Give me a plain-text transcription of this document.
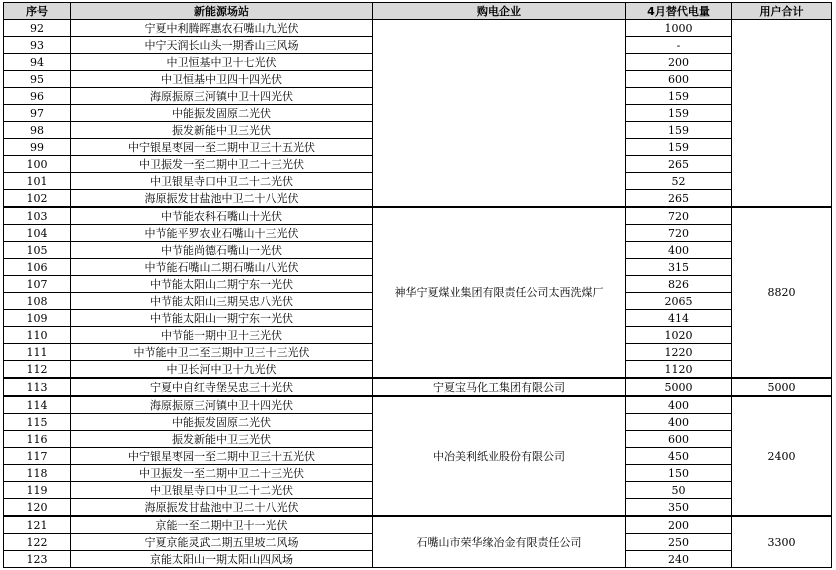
序号	新能源场站	购电企业	4月替代电量	用户合计
92	宁夏中利腾晖惠农石嘴山九光伏		1000	
93	中宁天润长山头一期香山三风场		-	
94	中卫恒基中卫十七光伏		200	
95	中卫恒基中卫四十四光伏		600	
96	海原振原三河镇中卫十四光伏		159	
97	中能振发固原二光伏		159	
98	振发新能中卫三光伏		159	
99	中宁银星枣园一至二期中卫三十五光伏		159	
100	中卫振发一至二期中卫二十三光伏		265	
101	中卫银星寺口中卫二十二光伏		52	
102	海原振发甘盐池中卫二十八光伏		265	
103	中节能农科石嘴山十光伏	神华宁夏煤业集团有限责任公司太西洗煤厂	720	8820
104	中节能平罗农业石嘴山十三光伏		720	
105	中节能尚德石嘴山一光伏		400	
106	中节能石嘴山二期石嘴山八光伏		315	
107	中节能太阳山二期宁东一光伏		826	
108	中节能太阳山三期吴忠八光伏		2065	
109	中节能太阳山一期宁东一光伏		414	
110	中节能一期中卫十三光伏		1020	
111	中节能中卫二至三期中卫三十三光伏		1220	
112	中卫长河中卫十九光伏		1120	
113	宁夏中自红寺堡吴忠三十光伏	宁夏宝马化工集团有限公司	5000	5000
114	海原振原三河镇中卫十四光伏	中冶美利纸业股份有限公司	400	2400
115	中能振发固原二光伏		400	
116	振发新能中卫三光伏		600	
117	中宁银星枣园一至二期中卫三十五光伏		450	
118	中卫振发一至二期中卫二十三光伏		150	
119	中卫银星寺口中卫二十二光伏		50	
120	海原振发甘盐池中卫二十八光伏		350	
121	京能一至二期中卫十一光伏	石嘴山市荣华缘冶金有限责任公司	200	3300
122	宁夏京能灵武二期五里坡二风场		250	
123	京能太阳山一期太阳山四风场		240	
